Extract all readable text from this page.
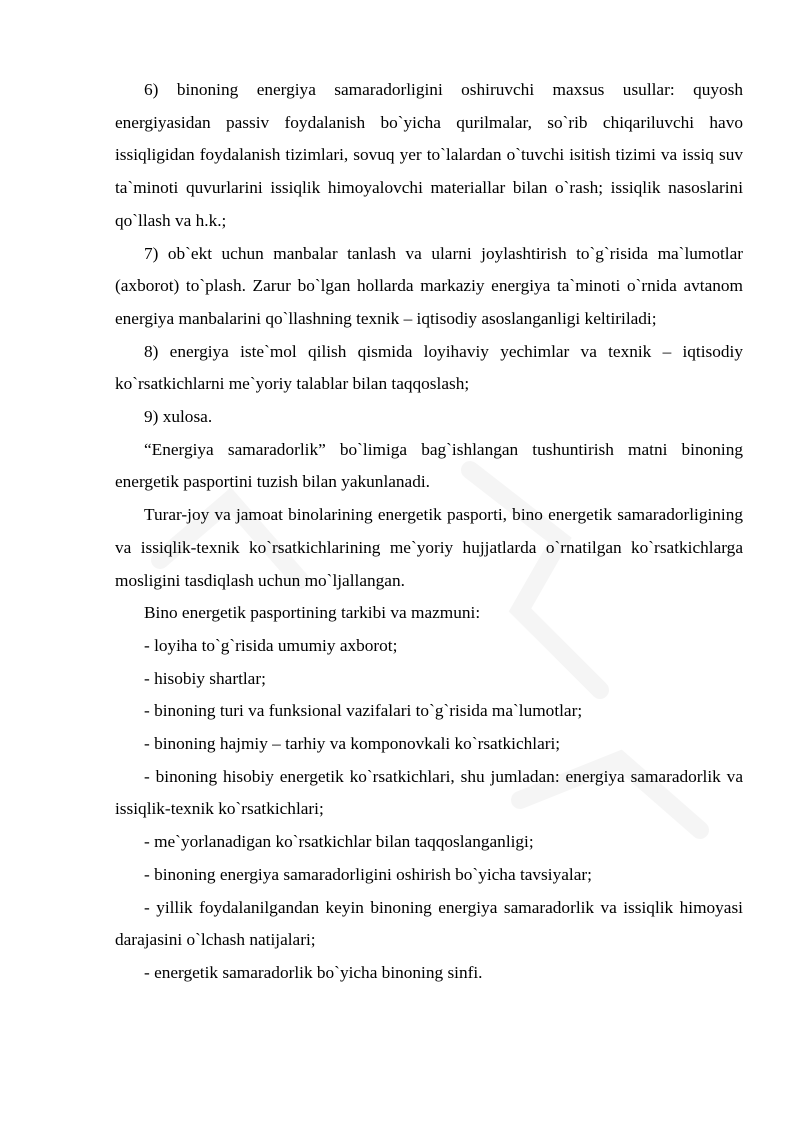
6) binoning energiya samaradorligini oshiruvchi maxsus usullar: quyosh energiyasidan passiv foydalanish bo`yicha qurilmalar, so`rib chiqariluvchi havo issiqligidan foydalanish tizimlari, sovuq yer to`lalardan o`tuvchi isitish tizimi va issiq suv ta`minoti quvurlarini issiqlik himoyalovchi materiallar bilan o`rash; issiqlik nasoslarini qo`llash va h.k.;

7) ob`ekt uchun manbalar tanlash va ularni joylashtirish to`g`risida ma`lumotlar (axborot) to`plash. Zarur bo`lgan hollarda markaziy energiya ta`minoti o`rnida avtanom energiya manbalarini qo`llashning texnik – iqtisodiy asoslanganligi keltiriladi;

8) energiya iste`mol qilish qismida loyihaviy yechimlar va texnik – iqtisodiy ko`rsatkichlarni me`yoriy talablar bilan taqqoslash;

9) xulosa.

“Energiya samaradorlik” bo`limiga bag`ishlangan tushuntirish matni binoning energetik pasportini tuzish bilan yakunlanadi.

Turar-joy va jamoat binolarining energetik pasporti, bino energetik samaradorligining va issiqlik-texnik ko`rsatkichlarining me`yoriy hujjatlarda o`rnatilgan ko`rsatkichlarga mosligini tasdiqlash uchun mo`ljallangan.

Bino energetik pasportining tarkibi va mazmuni:

- loyiha to`g`risida umumiy axborot;

- hisobiy shartlar;

- binoning turi va funksional vazifalari to`g`risida ma`lumotlar;

- binoning hajmiy – tarhiy va komponovkali ko`rsatkichlari;

- binoning hisobiy energetik ko`rsatkichlari, shu jumladan: energiya samaradorlik va issiqlik-texnik ko`rsatkichlari;

- me`yorlanadigan ko`rsatkichlar bilan taqqoslanganligi;

- binoning energiya samaradorligini oshirish bo`yicha tavsiyalar;

- yillik foydalanilgandan keyin binoning energiya samaradorlik va issiqlik himoyasi darajasini o`lchash natijalari;

- energetik samaradorlik bo`yicha binoning sinfi.
